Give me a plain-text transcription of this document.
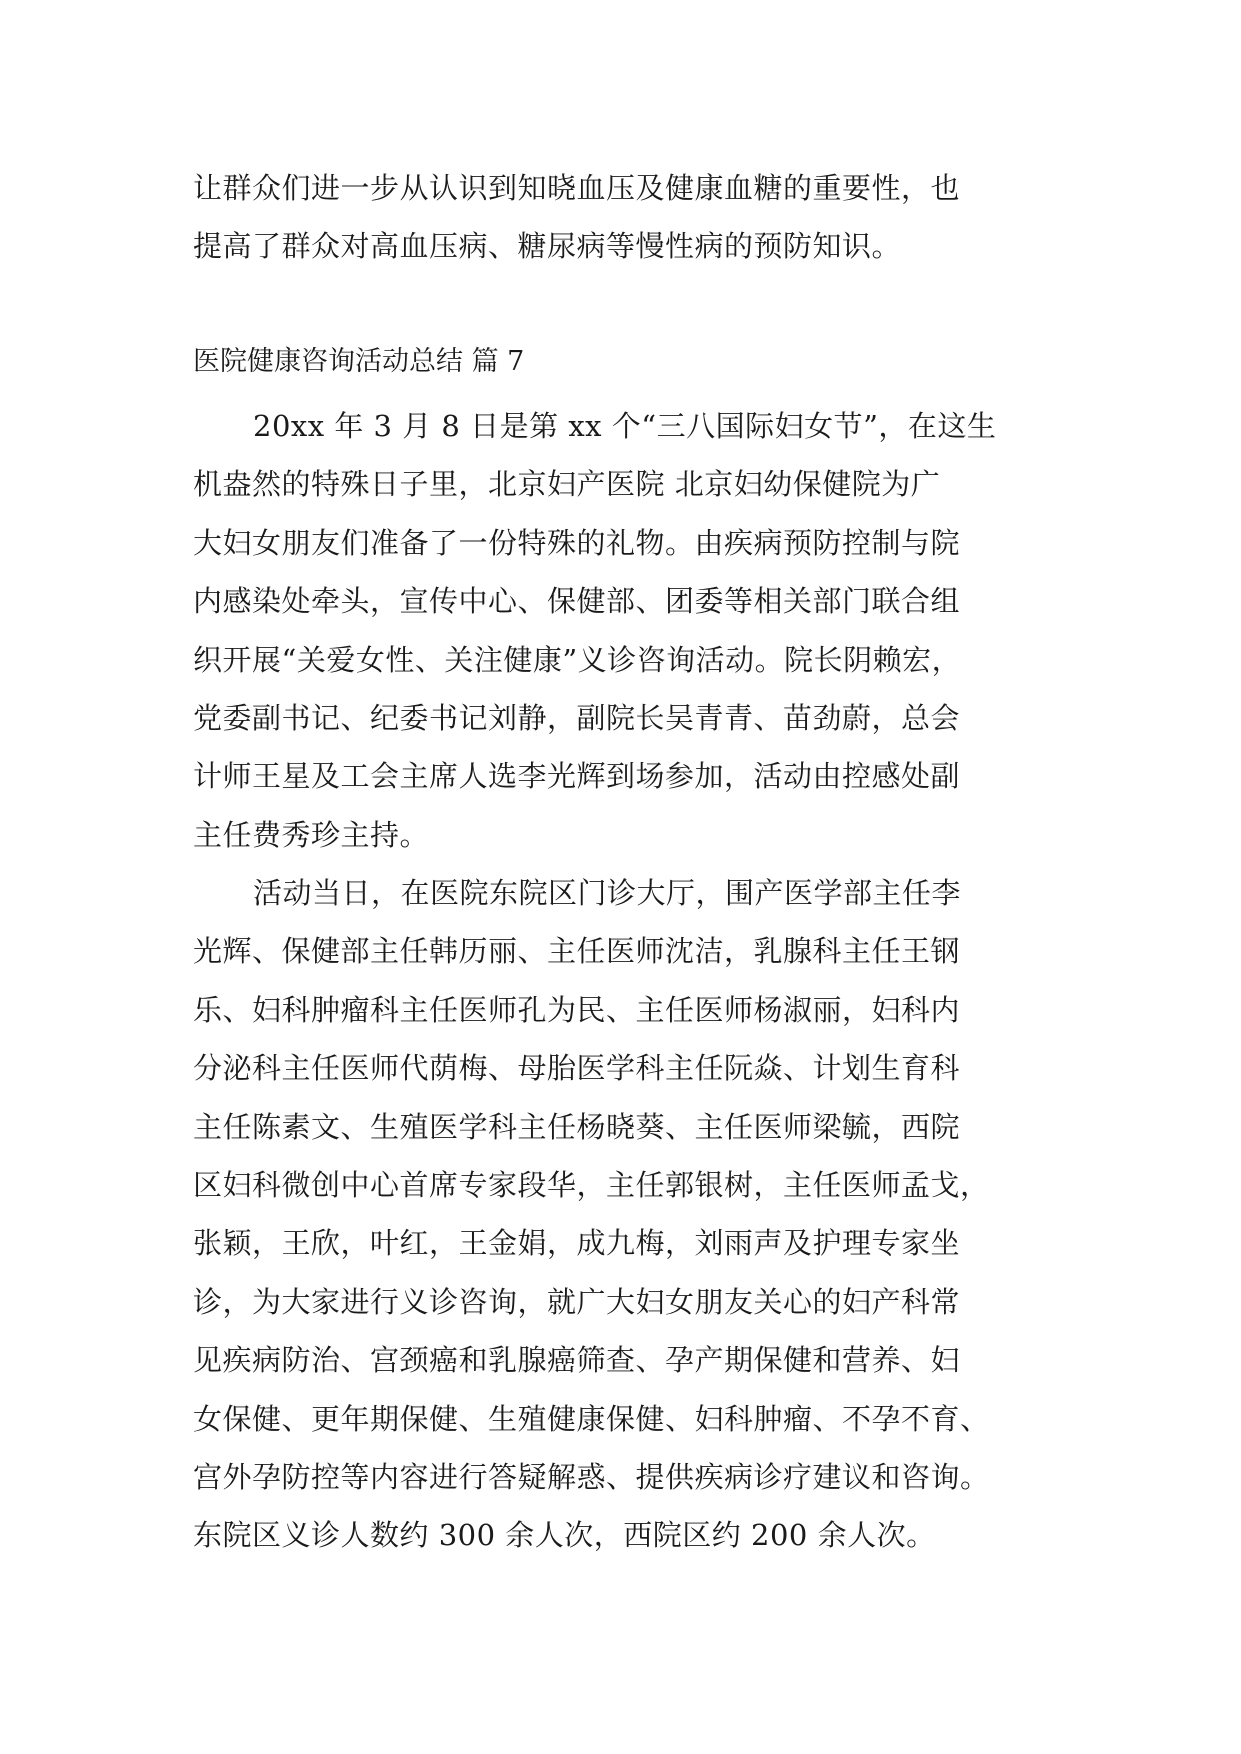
让群众们进一步从认识到知晓血压及健康血糖的重要性，也
提高了群众对高血压病、糖尿病等慢性病的预防知识。
医院健康咨询活动总结 篇 7
20xx 年 3 月 8 日是第 xx 个“三八国际妇女节”，在这生
机盎然的特殊日子里，北京妇产医院 北京妇幼保健院为广
大妇女朋友们准备了一份特殊的礼物。由疾病预防控制与院
内感染处牵头，宣传中心、保健部、团委等相关部门联合组
织开展“关爱女性、关注健康”义诊咨询活动。院长阴赖宏，
党委副书记、纪委书记刘静，副院长吴青青、苗劲蔚，总会
计师王星及工会主席人选李光辉到场参加，活动由控感处副
主任费秀珍主持。
活动当日，在医院东院区门诊大厅，围产医学部主任李
光辉、保健部主任韩历丽、主任医师沈洁，乳腺科主任王钢
乐、妇科肿瘤科主任医师孔为民、主任医师杨淑丽，妇科内
分泌科主任医师代荫梅、母胎医学科主任阮焱、计划生育科
主任陈素文、生殖医学科主任杨晓葵、主任医师梁毓，西院
区妇科微创中心首席专家段华，主任郭银树，主任医师孟戈，
张颖，王欣，叶红，王金娟，成九梅，刘雨声及护理专家坐
诊，为大家进行义诊咨询，就广大妇女朋友关心的妇产科常
见疾病防治、宫颈癌和乳腺癌筛查、孕产期保健和营养、妇
女保健、更年期保健、生殖健康保健、妇科肿瘤、不孕不育、
宫外孕防控等内容进行答疑解惑、提供疾病诊疗建议和咨询。
东院区义诊人数约 300 余人次，西院区约 200 余人次。
